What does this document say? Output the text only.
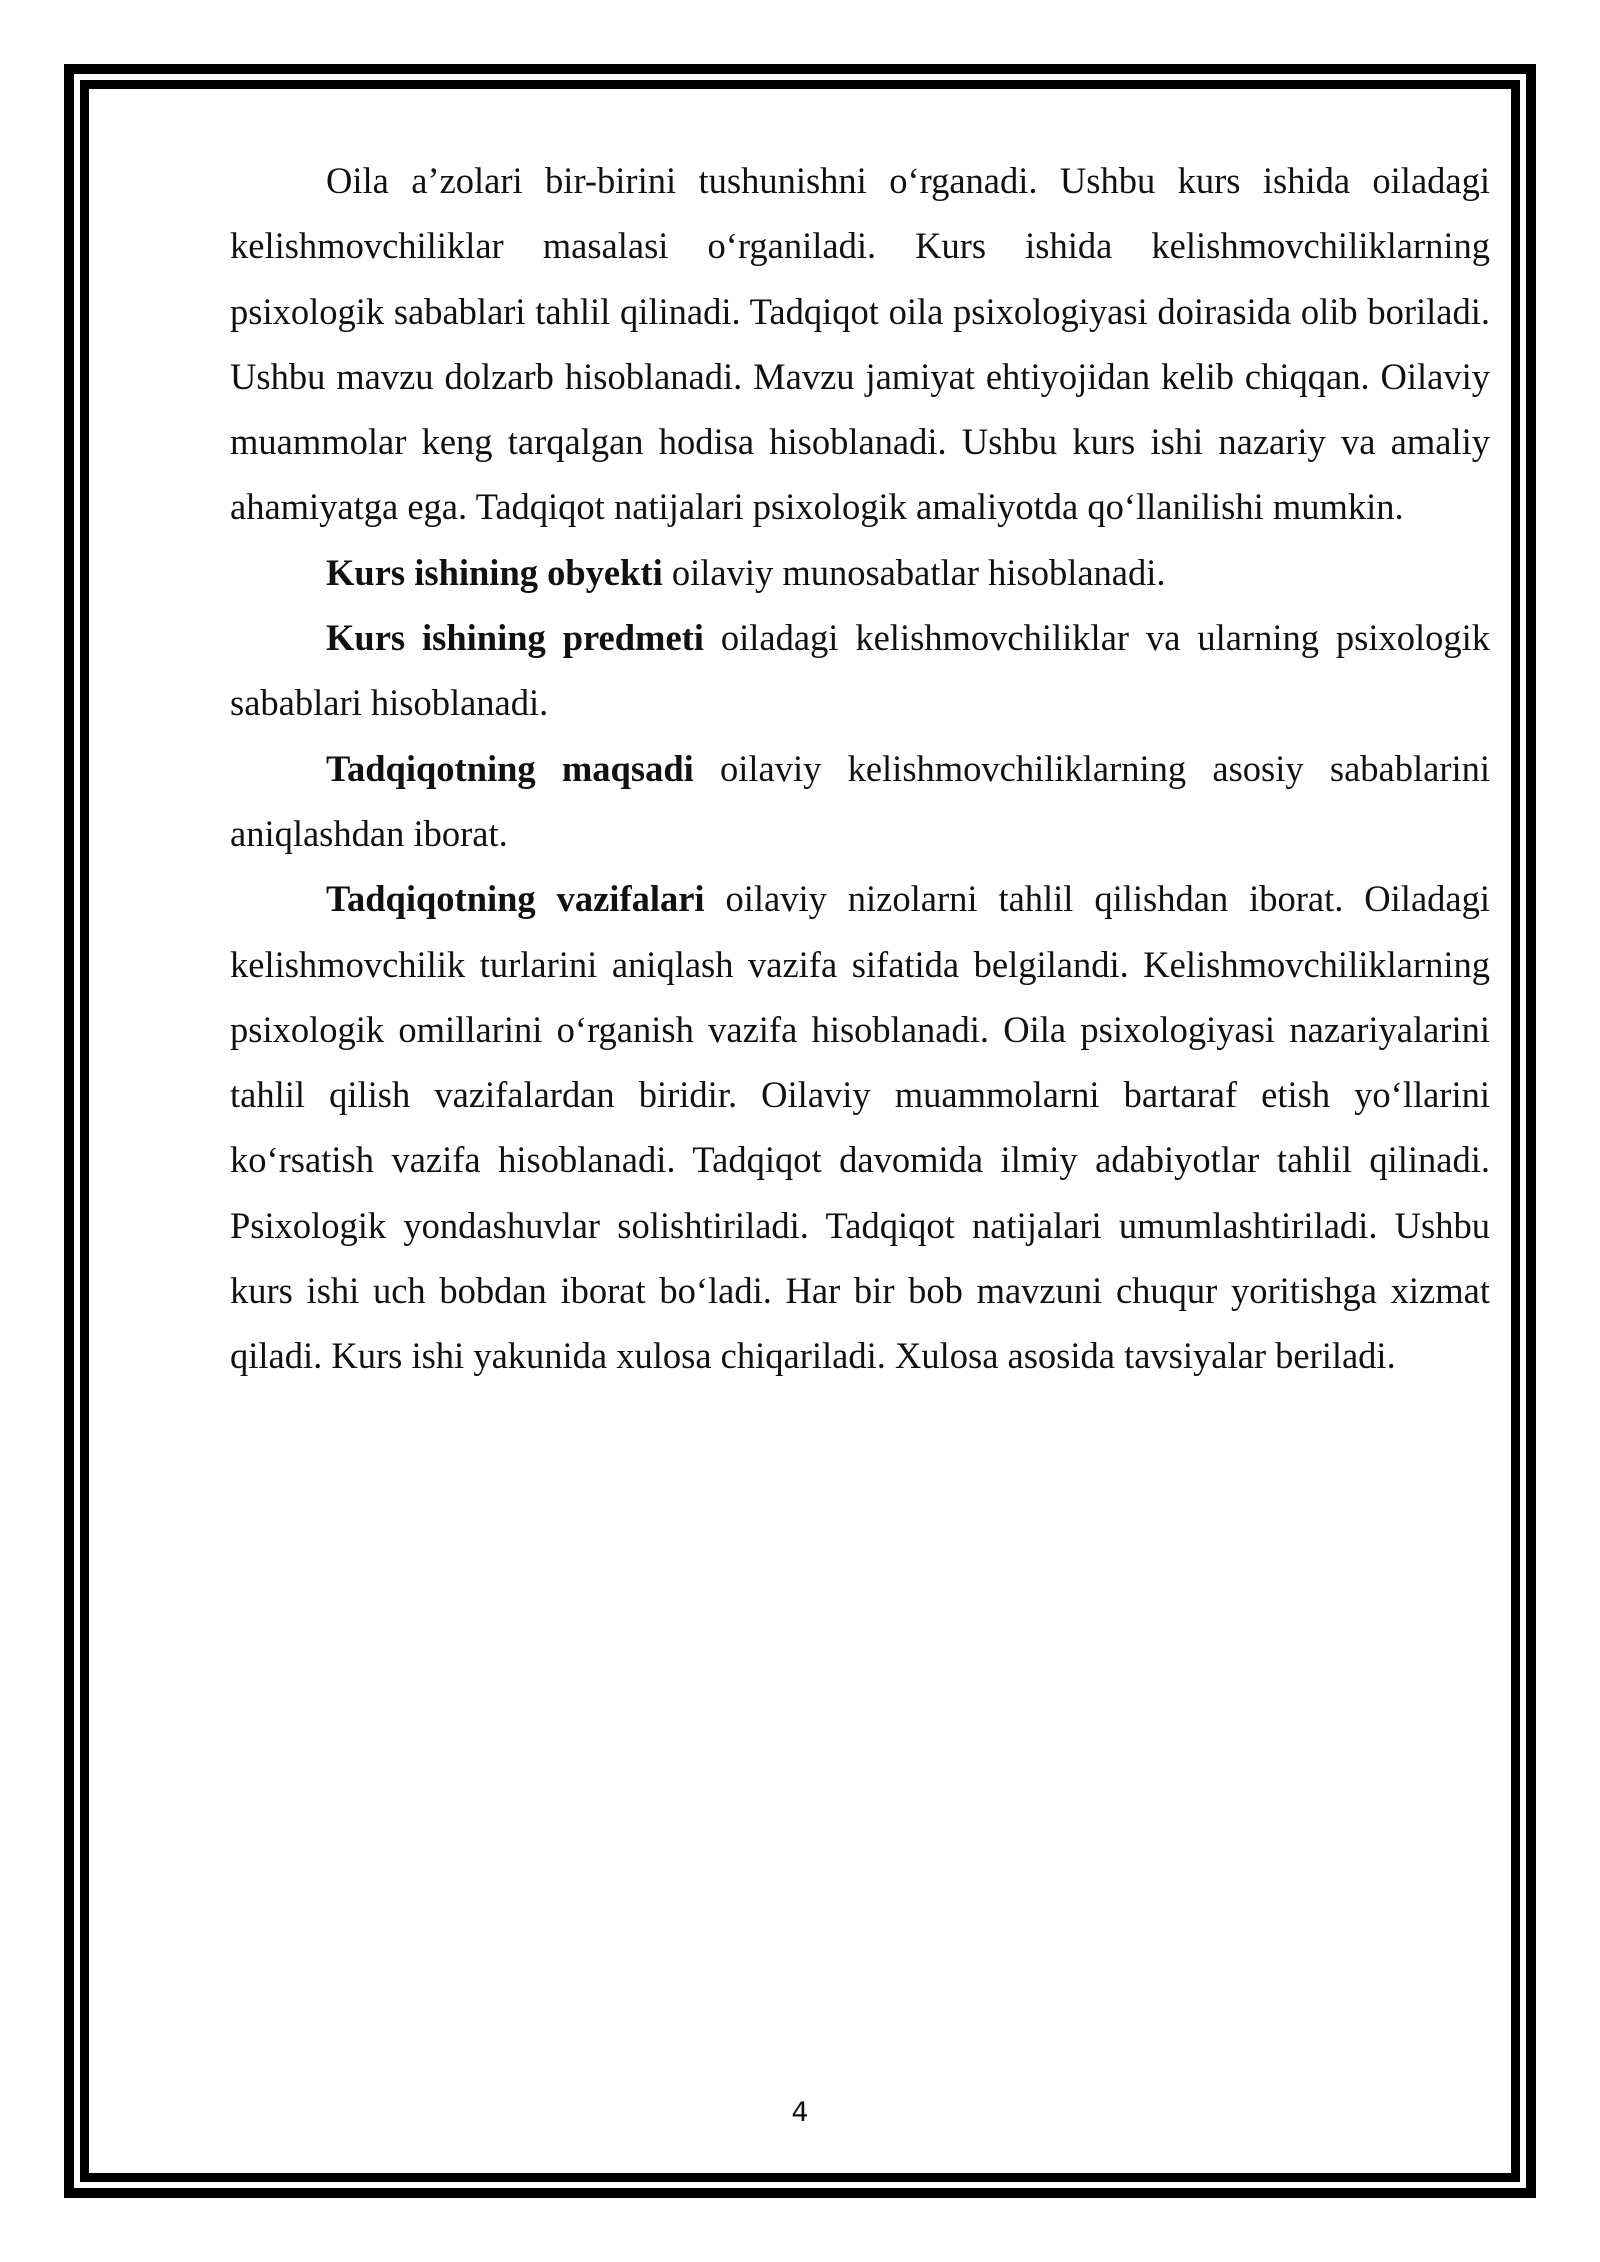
Oila a’zolari bir-birini tushunishni o‘rganadi. Ushbu kurs ishida oiladagi kelishmovchiliklar masalasi o‘rganiladi. Kurs ishida kelishmovchiliklarning psixologik sabablari tahlil qilinadi. Tadqiqot oila psixologiyasi doirasida olib boriladi. Ushbu mavzu dolzarb hisoblanadi. Mavzu jamiyat ehtiyojidan kelib chiqqan. Oilaviy muammolar keng tarqalgan hodisa hisoblanadi. Ushbu kurs ishi nazariy va amaliy ahamiyatga ega. Tadqiqot natijalari psixologik amaliyotda qo‘llanilishi mumkin.

Kurs ishining obyekti oilaviy munosabatlar hisoblanadi.

Kurs ishining predmeti oiladagi kelishmovchiliklar va ularning psixologik sabablari hisoblanadi.

Tadqiqotning maqsadi oilaviy kelishmovchiliklarning asosiy sabablarini aniqlashdan iborat.

Tadqiqotning vazifalari oilaviy nizolarni tahlil qilishdan iborat. Oiladagi kelishmovchilik turlarini aniqlash vazifa sifatida belgilandi. Kelishmovchiliklarning psixologik omillarini o‘rganish vazifa hisoblanadi. Oila psixologiyasi nazariyalarini tahlil qilish vazifalardan biridir. Oilaviy muammolarni bartaraf etish yo‘llarini ko‘rsatish vazifa hisoblanadi. Tadqiqot davomida ilmiy adabiyotlar tahlil qilinadi. Psixologik yondashuvlar solishtiriladi. Tadqiqot natijalari umumlashtiriladi. Ushbu kurs ishi uch bobdan iborat bo‘ladi. Har bir bob mavzuni chuqur yoritishga xizmat qiladi. Kurs ishi yakunida xulosa chiqariladi. Xulosa asosida tavsiyalar beriladi.

4
